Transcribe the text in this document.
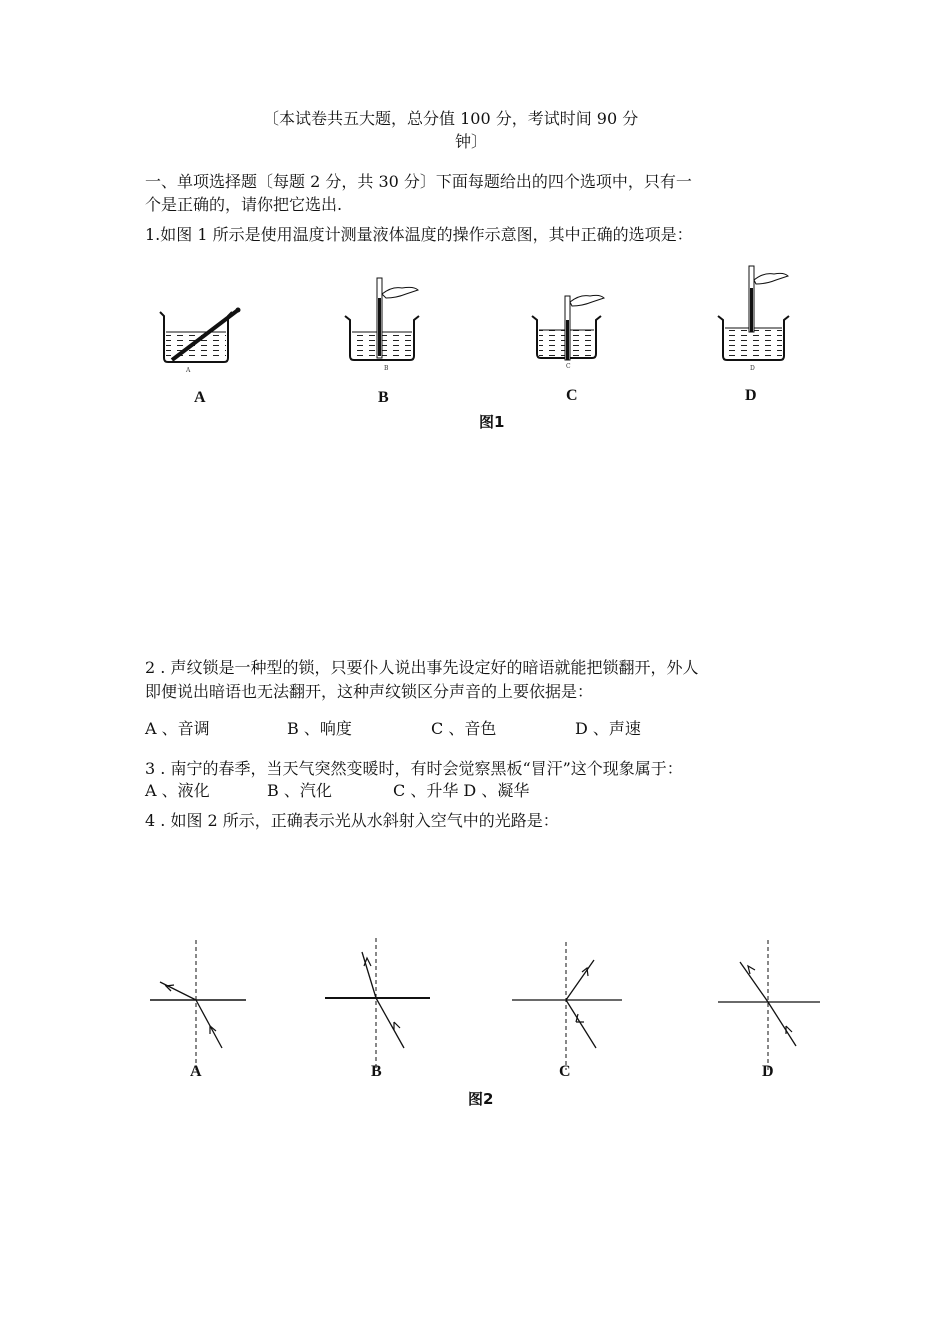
〔本试卷共五大题，总分值 100 分，考试时间 90 分
钟〕
一、单项选择题〔每题 2 分，共 30 分〕下面每题给出的四个选项中，只有一
个是正确的，请你把它选出.
1.如图 1 所示是使用温度计测量液体温度的操作示意图，其中正确的选项是：
A	B	C	D
A	B	C	D
图1
2 . 声纹锁是一种型的锁，只要仆人说出事先设定好的暗语就能把锁翻开，外人
即便说出暗语也无法翻开，这种声纹锁区分声音的上要依据是：
A 、音调	B 、响度	C 、音色	D 、声速
3 . 南宁的春季，当天气突然变暖时，有时会觉察黑板“冒汗”这个现象属于：
A 、液化	B 、汽化	C 、升华 D 、凝华
4 . 如图 2 所示，正确表示光从水斜射入空气中的光路是：
A	B	C	D
图2
